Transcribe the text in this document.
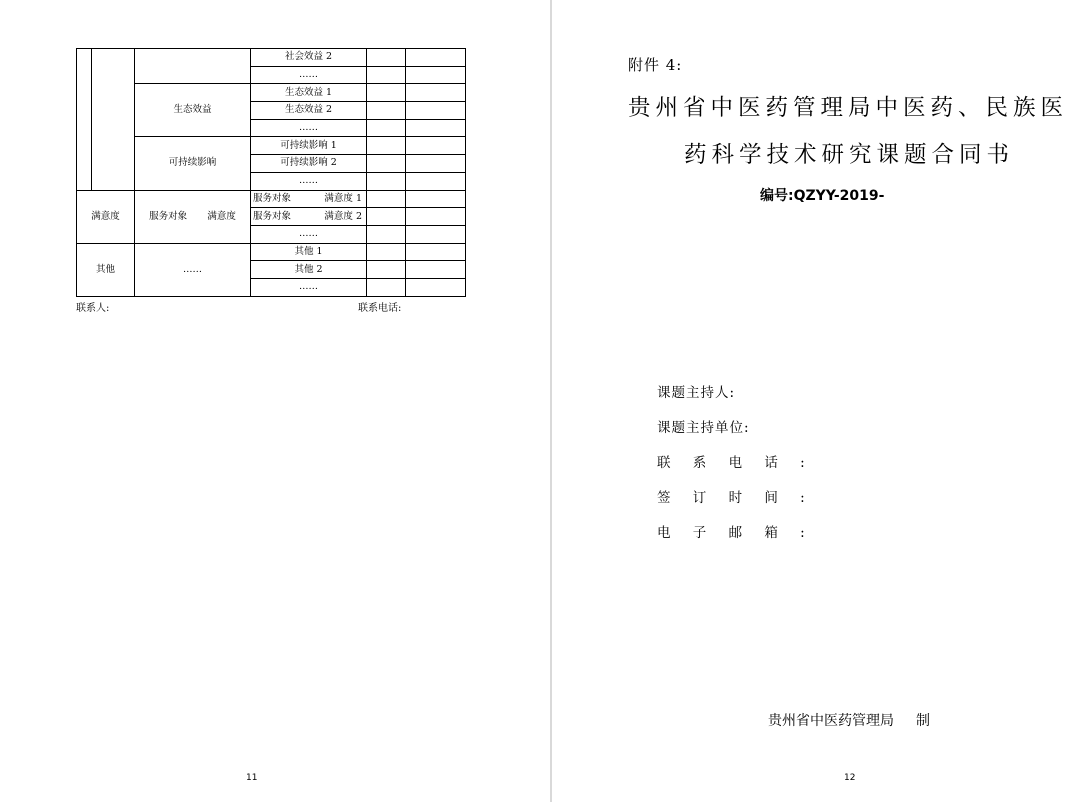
			社会效益 2		
			……		
		生态效益	生态效益 1		
			生态效益 2		
			……		
		可持续影响	可持续影响 1		
			可持续影响 2		
			……		
满意度		服务对象 满意度	服务对象 满意度 1		

			服务对象 满意度 2		

			……		
其他		……	其他 1		
			其他 2		
			……		
联系人:	联系电话:
11
附件 4:
贵州省中医药管理局中医药、民族医
药科学技术研究课题合同书
编号:QZYY-2019-
课题主持人:
课题主持单位:
联 系 电 话 :
签 订 时 间 :
电 子 邮 箱 :
贵州省中医药管理局 制
12
